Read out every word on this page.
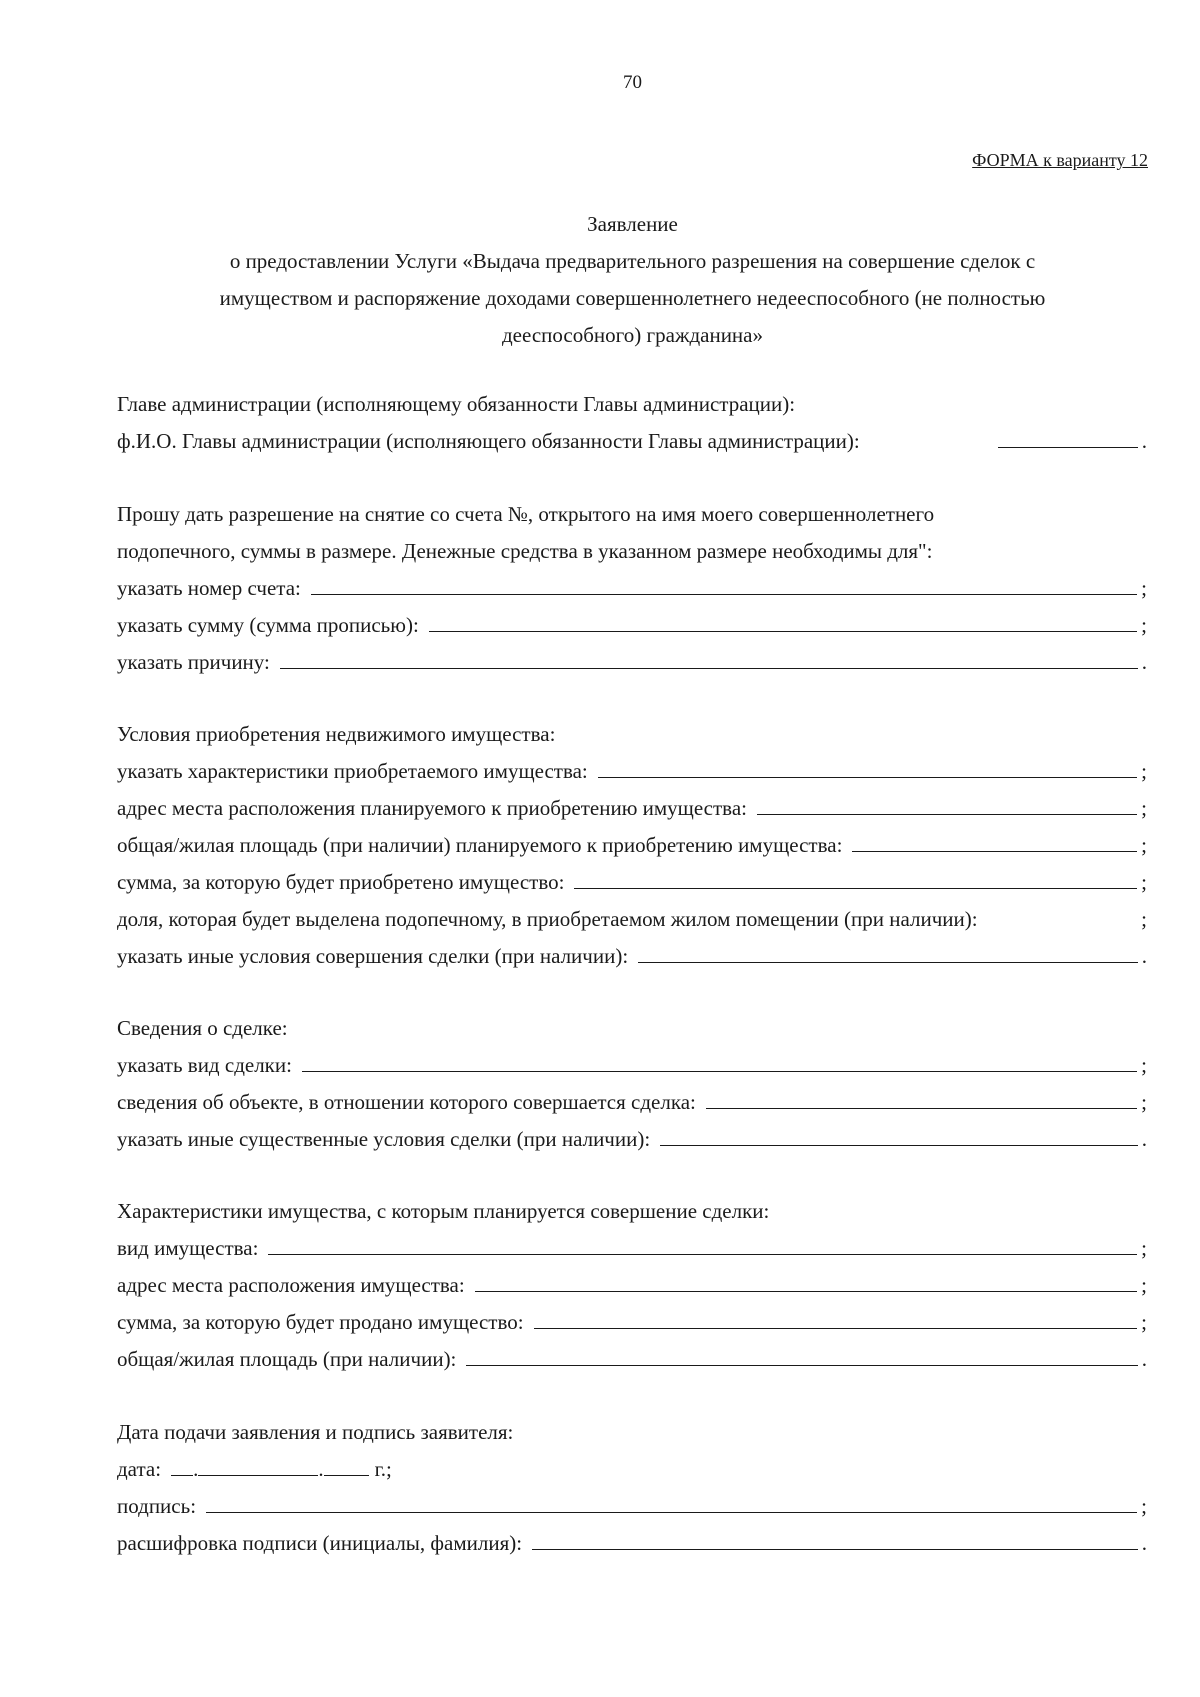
70
ФОРМА к варианту 12
Заявление
о предоставлении Услуги «Выдача предварительного разрешения на совершение сделок с
имуществом и распоряжение доходами совершеннолетнего недееспособного (не полностью
дееспособного) гражданина»
Главе администрации (исполняющему обязанности Главы администрации):
ф.И.О. Главы администрации (исполняющего обязанности Главы администрации):	.
Прошу дать разрешение на снятие со счета №, открытого на имя моего совершеннолетнего
подопечного, суммы в размере. Денежные средства в указанном размере необходимы для":
указать номер счета:	;
указать сумму (сумма прописью):	;
указать причину:	.
Условия приобретения недвижимого имущества:
указать характеристики приобретаемого имущества:	;
адрес места расположения планируемого к приобретению имущества:	;
общая/жилая площадь (при наличии) планируемого к приобретению имущества:	;
сумма, за которую будет приобретено имущество:	;
доля, которая будет выделена подопечному, в приобретаемом жилом помещении (при наличии):	;
указать иные условия совершения сделки (при наличии):	.
Сведения о сделке:
указать вид сделки:	;
сведения об объекте, в отношении которого совершается сделка:	;
указать иные существенные условия сделки (при наличии):	.
Характеристики имущества, с которым планируется совершение сделки:
вид имущества:	;
адрес места расположения имущества:	;
сумма, за которую будет продано имущество:	;
общая/жилая площадь (при наличии):	.
Дата подачи заявления и подпись заявителя:
дата: .	. г.;
подпись:	;
расшифровка подписи (инициалы, фамилия):	.
